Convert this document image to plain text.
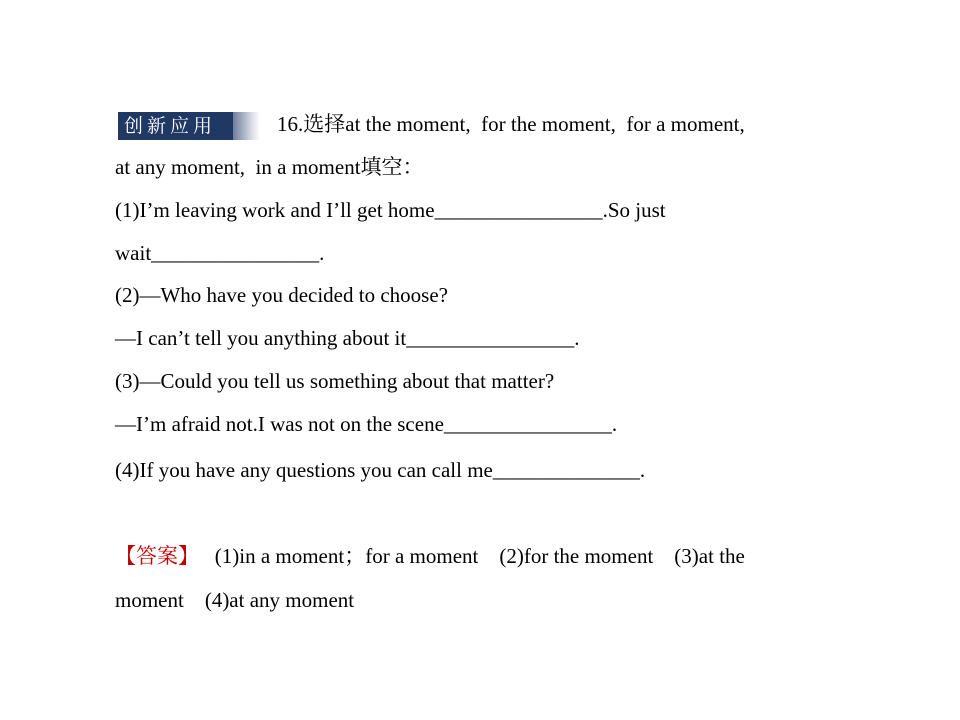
创新应用	16.选择at the moment,  for the moment,  for a moment,
at any moment,  in a moment填空：
(1)I’m leaving work and I’ll get home________________.So just
wait________________.
(2)—Who have you decided to choose?
—I can’t tell you anything about it________________.
(3)—Could you tell us something about that matter?
—I’m afraid not.I was not on the scene________________.
(4)If you have any questions you can call me______________.
【答案】   (1)in a moment；for a moment    (2)for the moment    (3)at the
moment    (4)at any moment
